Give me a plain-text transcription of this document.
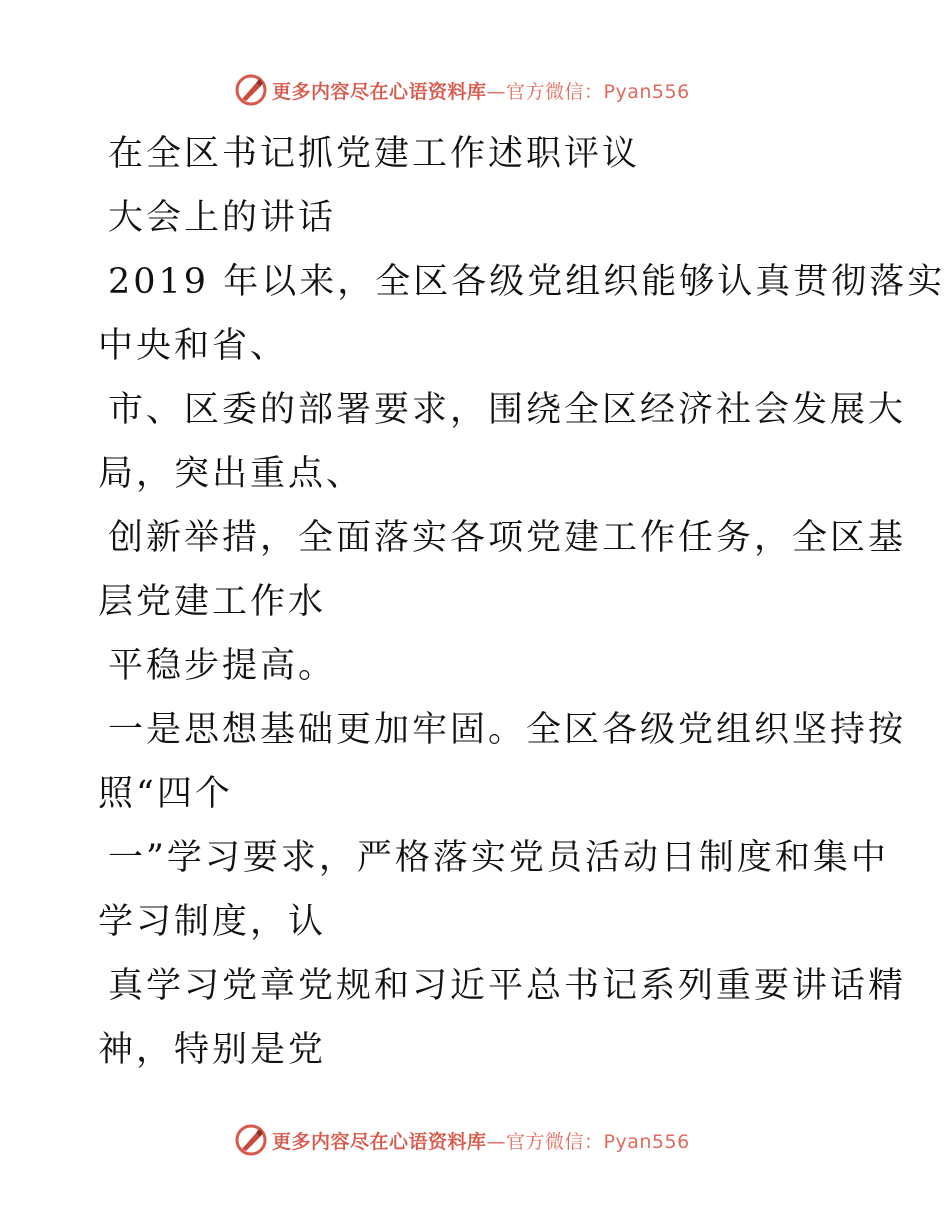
更多内容尽在心语资料库—官方微信：Pyan556
在全区书记抓党建工作述职评议
大会上的讲话
2019 年以来，全区各级党组织能够认真贯彻落实
中央和省、
市、区委的部署要求，围绕全区经济社会发展大
局，突出重点、
创新举措，全面落实各项党建工作任务，全区基
层党建工作水
平稳步提高。
一是思想基础更加牢固。全区各级党组织坚持按
照“四个
一”学习要求，严格落实党员活动日制度和集中
学习制度，认
真学习党章党规和习近平总书记系列重要讲话精
神，特别是党
更多内容尽在心语资料库—官方微信：Pyan556
